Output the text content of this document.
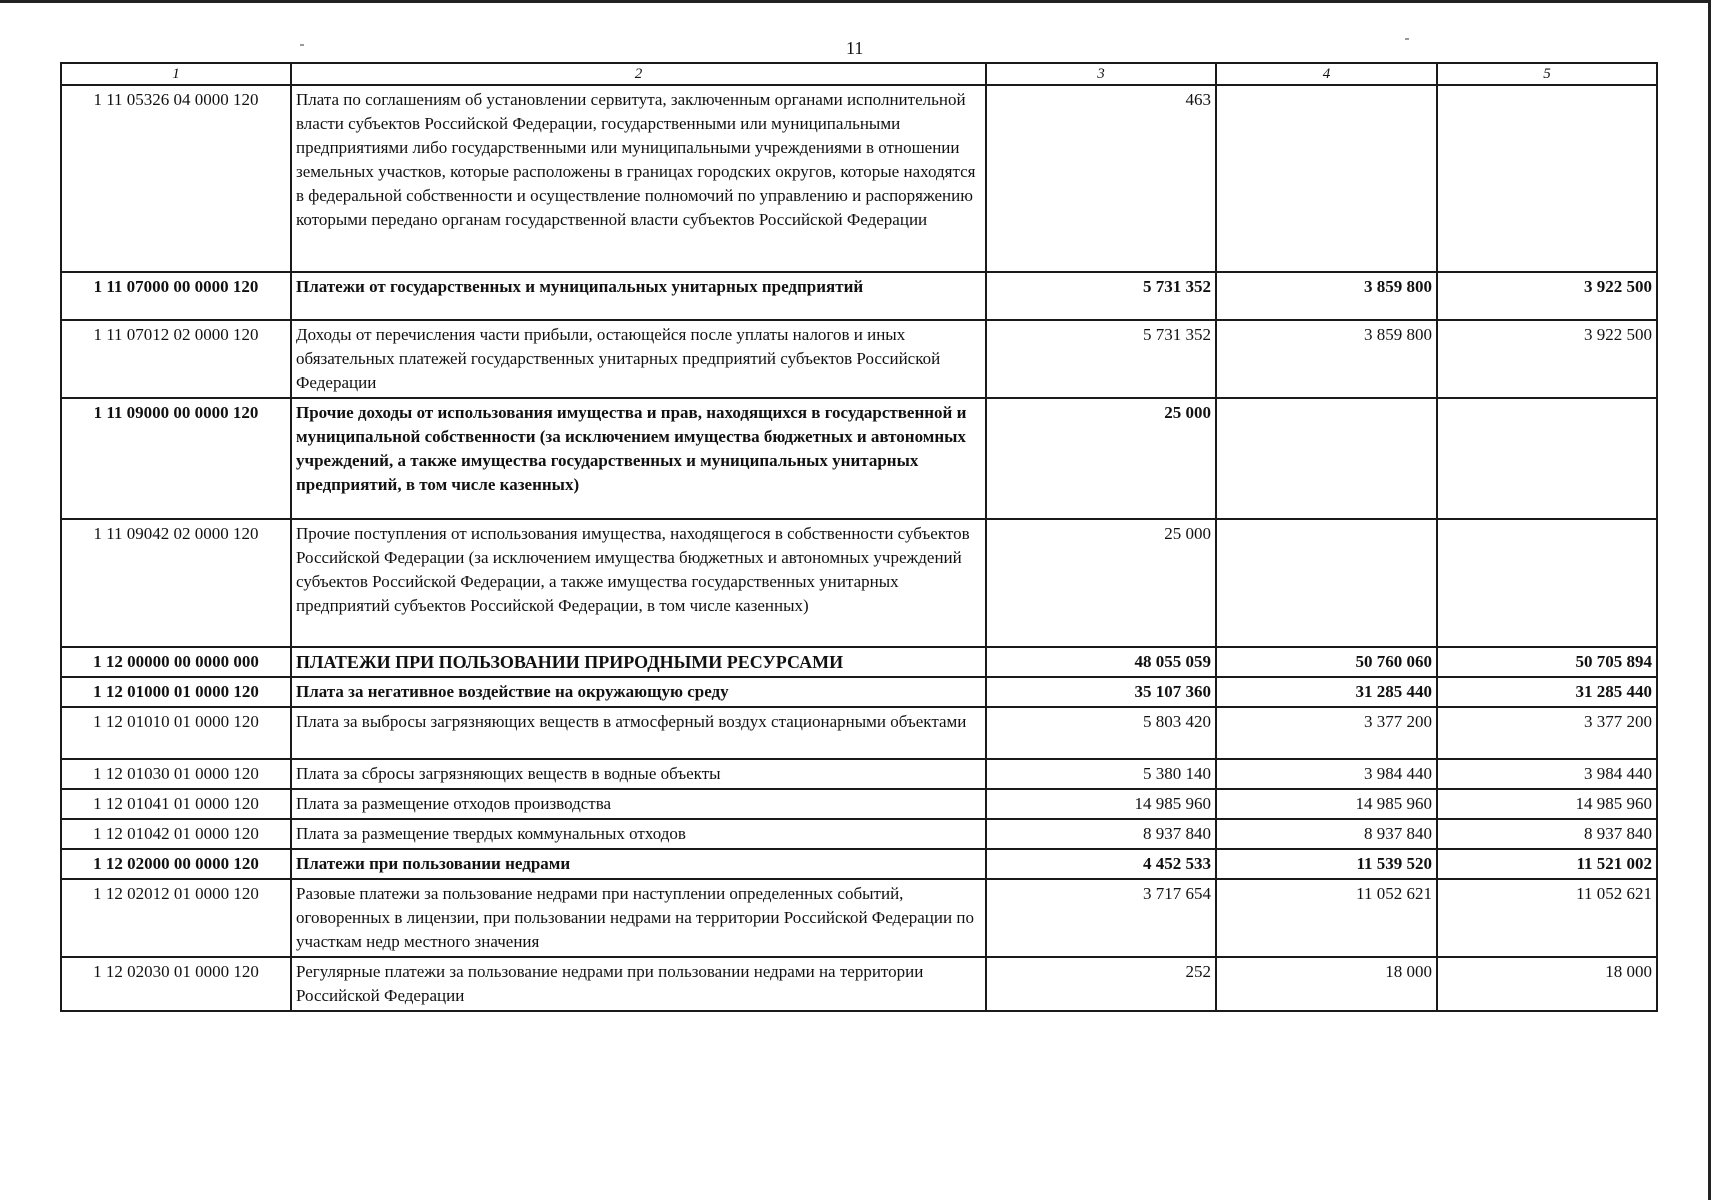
11
1	2	3	4	5
1 11 05326 04 0000 120	Плата по соглашениям об установлении сервитута, заключенным органами исполнительной власти субъектов Российской Федерации, государственными или муниципальными предприятиями либо государственными или муниципальными учреждениями в отношении земельных участков, которые расположены в границах городских округов, которые находятся в федеральной собственности и осуществление полномочий по управлению и распоряжению которыми передано органам государственной власти субъектов Российской Федерации	463		
1 11 07000 00 0000 120	Платежи от государственных и муниципальных унитарных предприятий	5 731 352	3 859 800	3 922 500
1 11 07012 02 0000 120	Доходы от перечисления части прибыли, остающейся после уплаты налогов и иных обязательных платежей государственных унитарных предприятий субъектов Российской Федерации	5 731 352	3 859 800	3 922 500
1 11 09000 00 0000 120	Прочие доходы от использования имущества и прав, находящихся в государственной и муниципальной собственности (за исключением имущества бюджетных и автономных учреждений, а также имущества государственных и муниципальных унитарных предприятий, в том числе казенных)	25 000		
1 11 09042 02 0000 120	Прочие поступления от использования имущества, находящегося в собственности субъектов Российской Федерации (за исключением имущества бюджетных и автономных учреждений субъектов Российской Федерации, а также имущества государственных унитарных предприятий субъектов Российской Федерации, в том числе казенных)	25 000		
1 12 00000 00 0000 000	ПЛАТЕЖИ ПРИ ПОЛЬЗОВАНИИ ПРИРОДНЫМИ РЕСУРСАМИ	48 055 059	50 760 060	50 705 894
1 12 01000 01 0000 120	Плата за негативное воздействие на окружающую среду	35 107 360	31 285 440	31 285 440
1 12 01010 01 0000 120	Плата за выбросы загрязняющих веществ в атмосферный воздух стационарными объектами	5 803 420	3 377 200	3 377 200
1 12 01030 01 0000 120	Плата за сбросы загрязняющих веществ в водные объекты	5 380 140	3 984 440	3 984 440
1 12 01041 01 0000 120	Плата за размещение отходов производства	14 985 960	14 985 960	14 985 960
1 12 01042 01 0000 120	Плата за размещение твердых коммунальных отходов	8 937 840	8 937 840	8 937 840
1 12 02000 00 0000 120	Платежи при пользовании недрами	4 452 533	11 539 520	11 521 002
1 12 02012 01 0000 120	Разовые платежи за пользование недрами при наступлении определенных событий, оговоренных в лицензии, при пользовании недрами на территории Российской Федерации по участкам недр местного значения	3 717 654	11 052 621	11 052 621
1 12 02030 01 0000 120	Регулярные платежи за пользование недрами при пользовании недрами на территории Российской Федерации	252	18 000	18 000
